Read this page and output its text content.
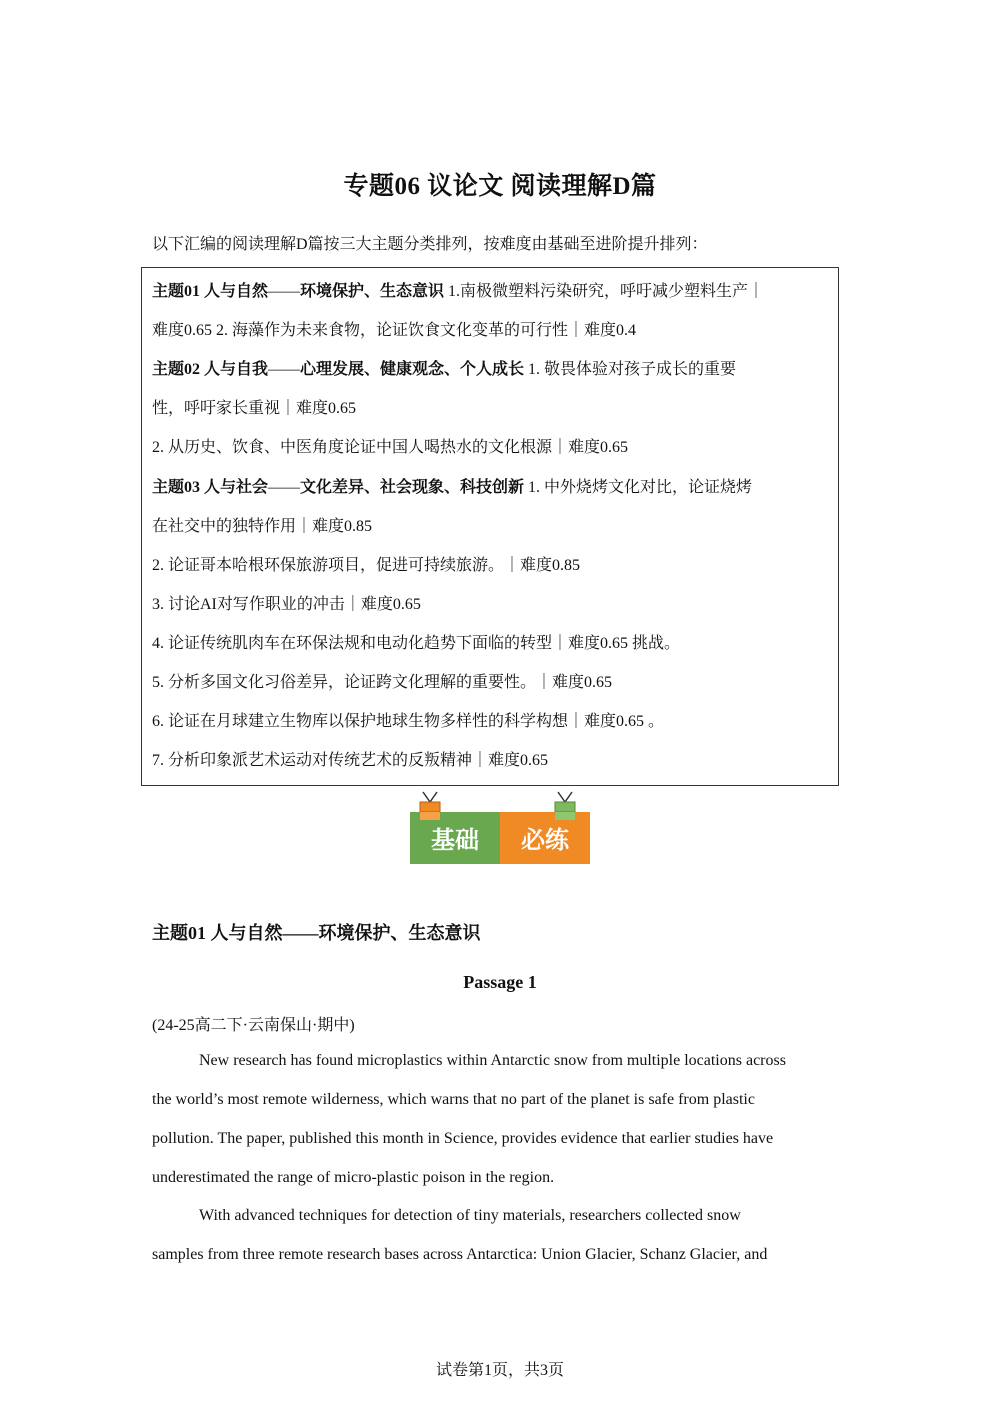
专题06 议论文 阅读理解D篇
以下汇编的阅读理解D篇按三大主题分类排列，按难度由基础至进阶提升排列：
主题01 人与自然——环境保护、生态意识 1.南极微塑料污染研究，呼吁减少塑料生产｜
难度0.65 2. 海藻作为未来食物，论证饮食文化变革的可行性｜难度0.4
主题02 人与自我——心理发展、健康观念、个人成长 1. 敬畏体验对孩子成长的重要
性，呼吁家长重视｜难度0.65
2. 从历史、饮食、中医角度论证中国人喝热水的文化根源｜难度0.65
主题03 人与社会——文化差异、社会现象、科技创新 1. 中外烧烤文化对比，论证烧烤
在社交中的独特作用｜难度0.85
2. 论证哥本哈根环保旅游项目，促进可持续旅游。｜难度0.85
3. 讨论AI对写作职业的冲击｜难度0.65
4. 论证传统肌肉车在环保法规和电动化趋势下面临的转型｜难度0.65 挑战。
5. 分析多国文化习俗差异，论证跨文化理解的重要性。｜难度0.65
6. 论证在月球建立生物库以保护地球生物多样性的科学构想｜难度0.65 。
7. 分析印象派艺术运动对传统艺术的反叛精神｜难度0.65
基础 必练
主题01 人与自然——环境保护、生态意识
Passage 1
(24-25高二下·云南保山·期中)
New research has found microplastics within Antarctic snow from multiple locations across
the world’s most remote wilderness, which warns that no part of the planet is safe from plastic
pollution. The paper, published this month in Science, provides evidence that earlier studies have
underestimated the range of micro-plastic poison in the region.
With advanced techniques for detection of tiny materials, researchers collected snow
samples from three remote research bases across Antarctica: Union Glacier, Schanz Glacier, and
试卷第1页，共3页
